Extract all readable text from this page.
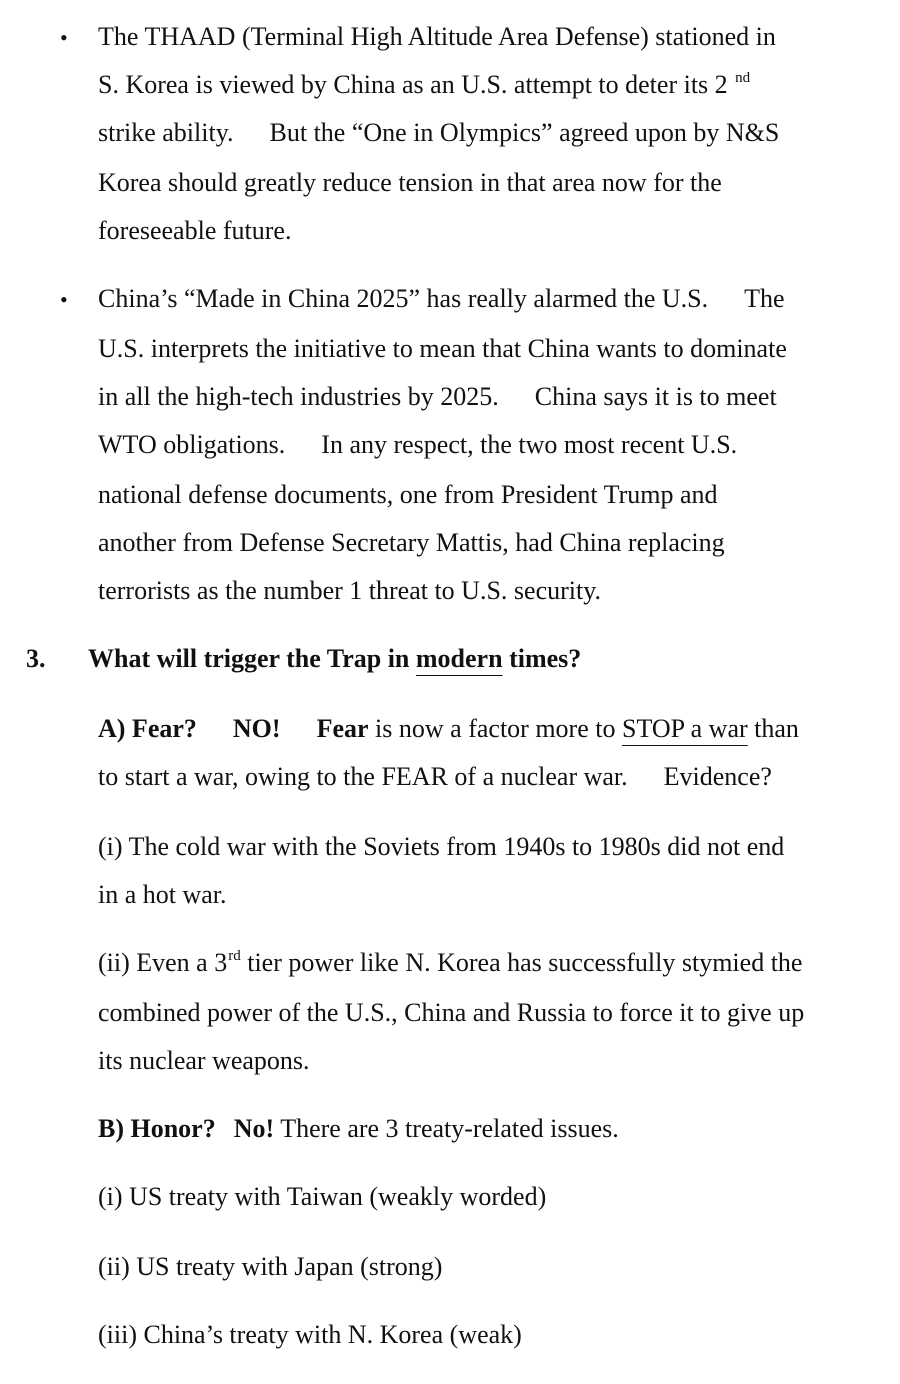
• The THAAD (Terminal High Altitude Area Defense) stationed in
S. Korea is viewed by China as an U.S. attempt to deter its 2 $^{nd}$
strike ability. But the “One in Olympics” agreed upon by N&S
Korea should greatly reduce tension in that area now for the
foreseeable future.
• China’s “Made in China 2025” has really alarmed the U.S. The
U.S. interprets the initiative to mean that China wants to dominate
in all the high-tech industries by 2025. China says it is to meet
WTO obligations. In any respect, the two most recent U.S.
national defense documents, one from President Trump and
another from Defense Secretary Mattis, had China replacing
terrorists as the number 1 threat to U.S. security.
3. What will trigger the Trap in modern times?
A) Fear? NO! Fear is now a factor more to STOP a war than
to start a war, owing to the FEAR of a nuclear war. Evidence?
(i) The cold war with the Soviets from 1940s to 1980s did not end
in a hot war.
(ii) Even a 3rd tier power like N. Korea has successfully stymied the
combined power of the U.S., China and Russia to force it to give up
its nuclear weapons.
B) Honor? No! There are 3 treaty-related issues.
(i) US treaty with Taiwan (weakly worded)
(ii) US treaty with Japan (strong)
(iii) China’s treaty with N. Korea (weak)
